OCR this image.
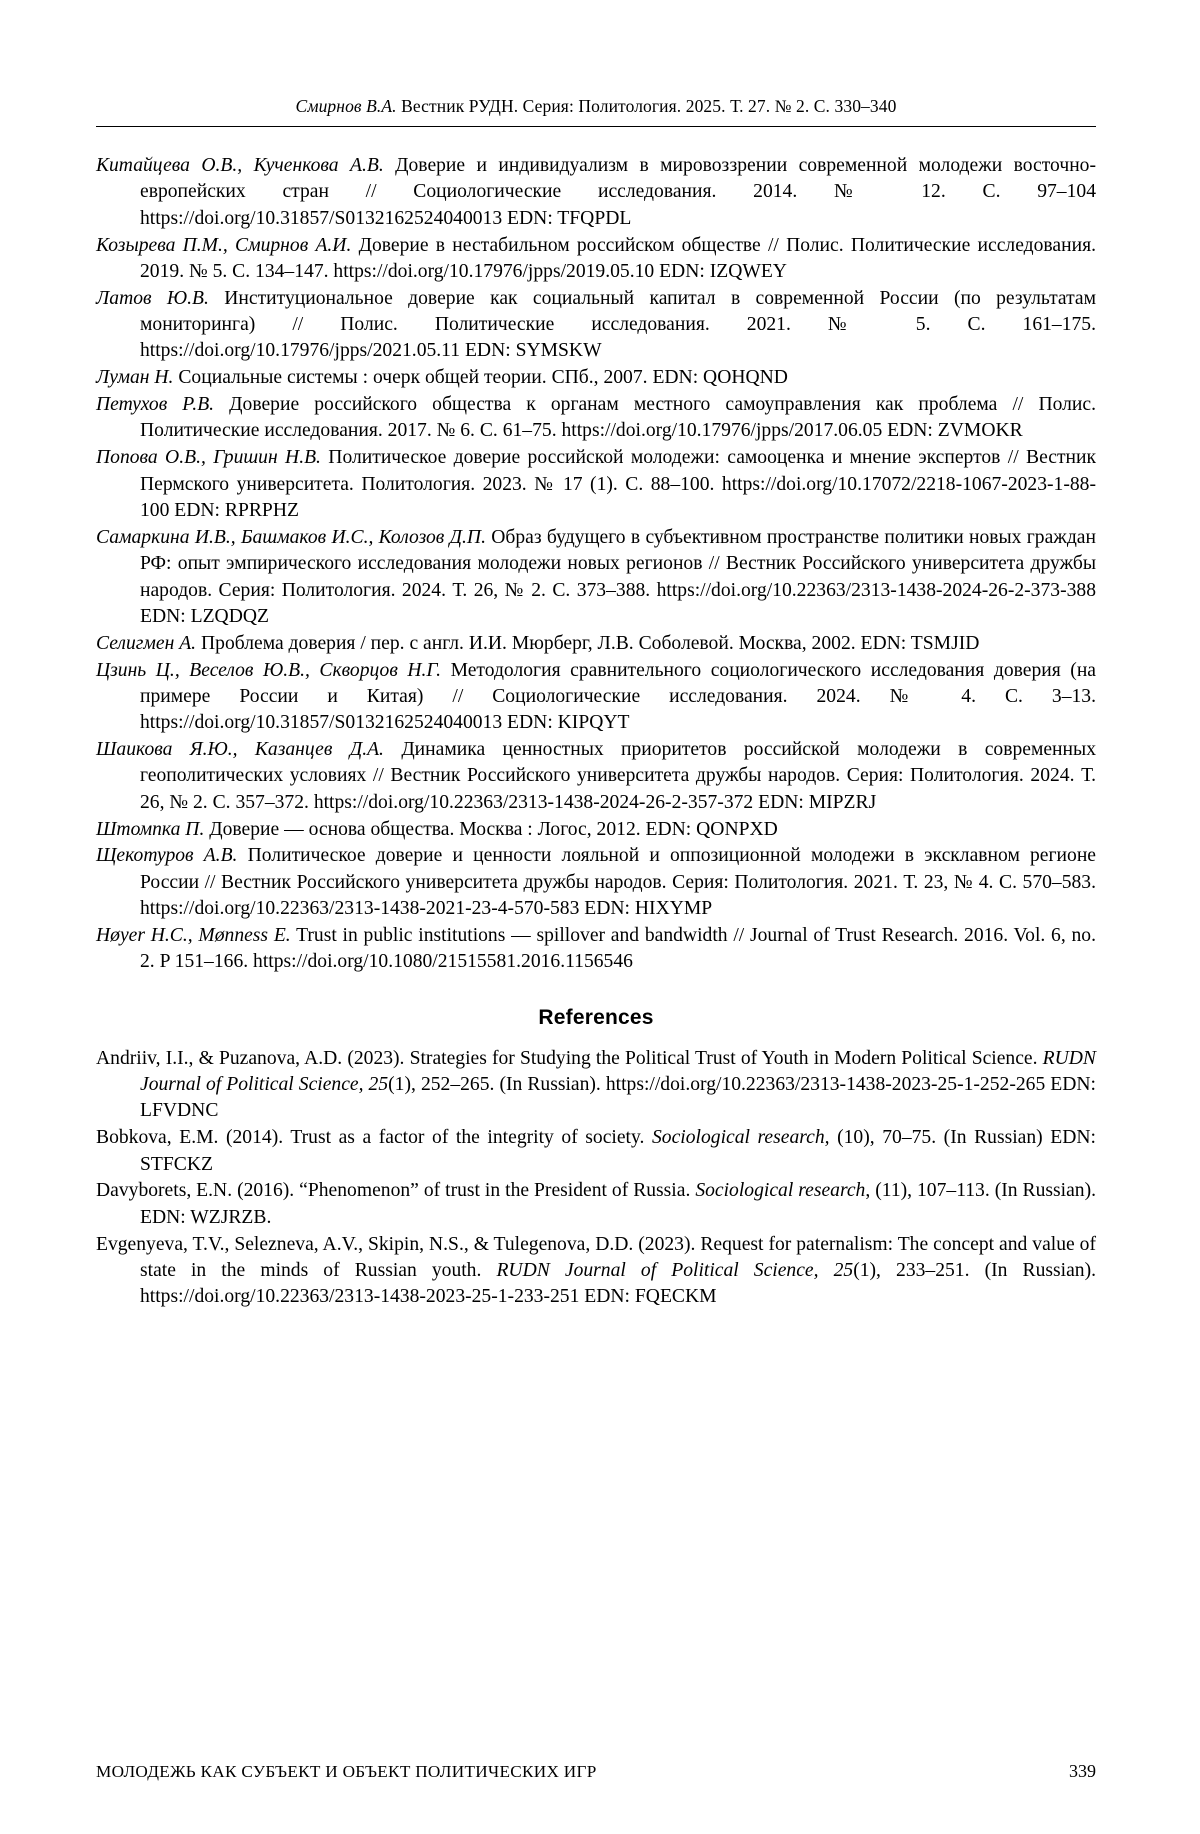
Смирнов В.А. Вестник РУДН. Серия: Политология. 2025. Т. 27. № 2. С. 330–340

Китайцева О.В., Кученкова А.В. Доверие и индивидуализм в мировоззрении современной молодежи восточно-европейских стран // Социологические исследования. 2014. № 12. С. 97–104 https://doi.org/10.31857/S0132162524040013 EDN: TFQPDL

Козырева П.М., Смирнов А.И. Доверие в нестабильном российском обществе // Полис. Политические исследования. 2019. № 5. С. 134–147. https://doi.org/10.17976/jpps/2019.05.10 EDN: IZQWEY

Латов Ю.В. Институциональное доверие как социальный капитал в современной России (по результатам мониторинга) // Полис. Политические исследования. 2021. № 5. С. 161–175. https://doi.org/10.17976/jpps/2021.05.11 EDN: SYMSKW

Луман Н. Социальные системы : очерк общей теории. СПб., 2007. EDN: QOHQND

Петухов Р.В. Доверие российского общества к органам местного самоуправления как проблема // Полис. Политические исследования. 2017. № 6. С. 61–75. https://doi.org/10.17976/jpps/2017.06.05 EDN: ZVMOKR

Попова О.В., Гришин Н.В. Политическое доверие российской молодежи: самооценка и мнение экспертов // Вестник Пермского университета. Политология. 2023. № 17 (1). С. 88–100. https://doi.org/10.17072/2218-1067-2023-1-88-100 EDN: RPRPHZ

Самаркина И.В., Башмаков И.С., Колозов Д.П. Образ будущего в субъективном пространстве политики новых граждан РФ: опыт эмпирического исследования молодежи новых регионов // Вестник Российского университета дружбы народов. Серия: Политология. 2024. Т. 26, № 2. С. 373–388. https://doi.org/10.22363/2313-1438-2024-26-2-373-388 EDN: LZQDQZ

Селигмен А. Проблема доверия / пер. с англ. И.И. Мюрберг, Л.В. Соболевой. Москва, 2002. EDN: TSMJID

Цзинь Ц., Веселов Ю.В., Скворцов Н.Г. Методология сравнительного социологического исследования доверия (на примере России и Китая) // Социологические исследования. 2024. № 4. С. 3–13. https://doi.org/10.31857/S0132162524040013 EDN: KIPQYT

Шаикова Я.Ю., Казанцев Д.А. Динамика ценностных приоритетов российской молодежи в современных геополитических условиях // Вестник Российского университета дружбы народов. Серия: Политология. 2024. Т. 26, № 2. С. 357–372. https://doi.org/10.22363/2313-1438-2024-26-2-357-372 EDN: MIPZRJ

Штомпка П. Доверие — основа общества. Москва : Логос, 2012. EDN: QONPXD

Щекотуров А.В. Политическое доверие и ценности лояльной и оппозиционной молодежи в эксклавном регионе России // Вестник Российского университета дружбы народов. Серия: Политология. 2021. Т. 23, № 4. С. 570–583. https://doi.org/10.22363/2313-1438-2021-23-4-570-583 EDN: HIXYMP

Høyer H.C., Mønness E. Trust in public institutions — spillover and bandwidth // Journal of Trust Research. 2016. Vol. 6, no. 2. P 151–166. https://doi.org/10.1080/21515581.2016.1156546

References

Andriiv, I.I., & Puzanova, A.D. (2023). Strategies for Studying the Political Trust of Youth in Modern Political Science. RUDN Journal of Political Science, 25(1), 252–265. (In Russian). https://doi.org/10.22363/2313-1438-2023-25-1-252-265 EDN: LFVDNC

Bobkova, E.M. (2014). Trust as a factor of the integrity of society. Sociological research, (10), 70–75. (In Russian) EDN: STFCKZ

Davyborets, E.N. (2016). “Phenomenon” of trust in the President of Russia. Sociological research, (11), 107–113. (In Russian). EDN: WZJRZB.

Evgenyeva, T.V., Selezneva, A.V., Skipin, N.S., & Tulegenova, D.D. (2023). Request for paternalism: The concept and value of state in the minds of Russian youth. RUDN Journal of Political Science, 25(1), 233–251. (In Russian). https://doi.org/10.22363/2313-1438-2023-25-1-233-251 EDN: FQECKM

МОЛОДЕЖЬ КАК СУБЪЕКТ И ОБЪЕКТ ПОЛИТИЧЕСКИХ ИГР	339
